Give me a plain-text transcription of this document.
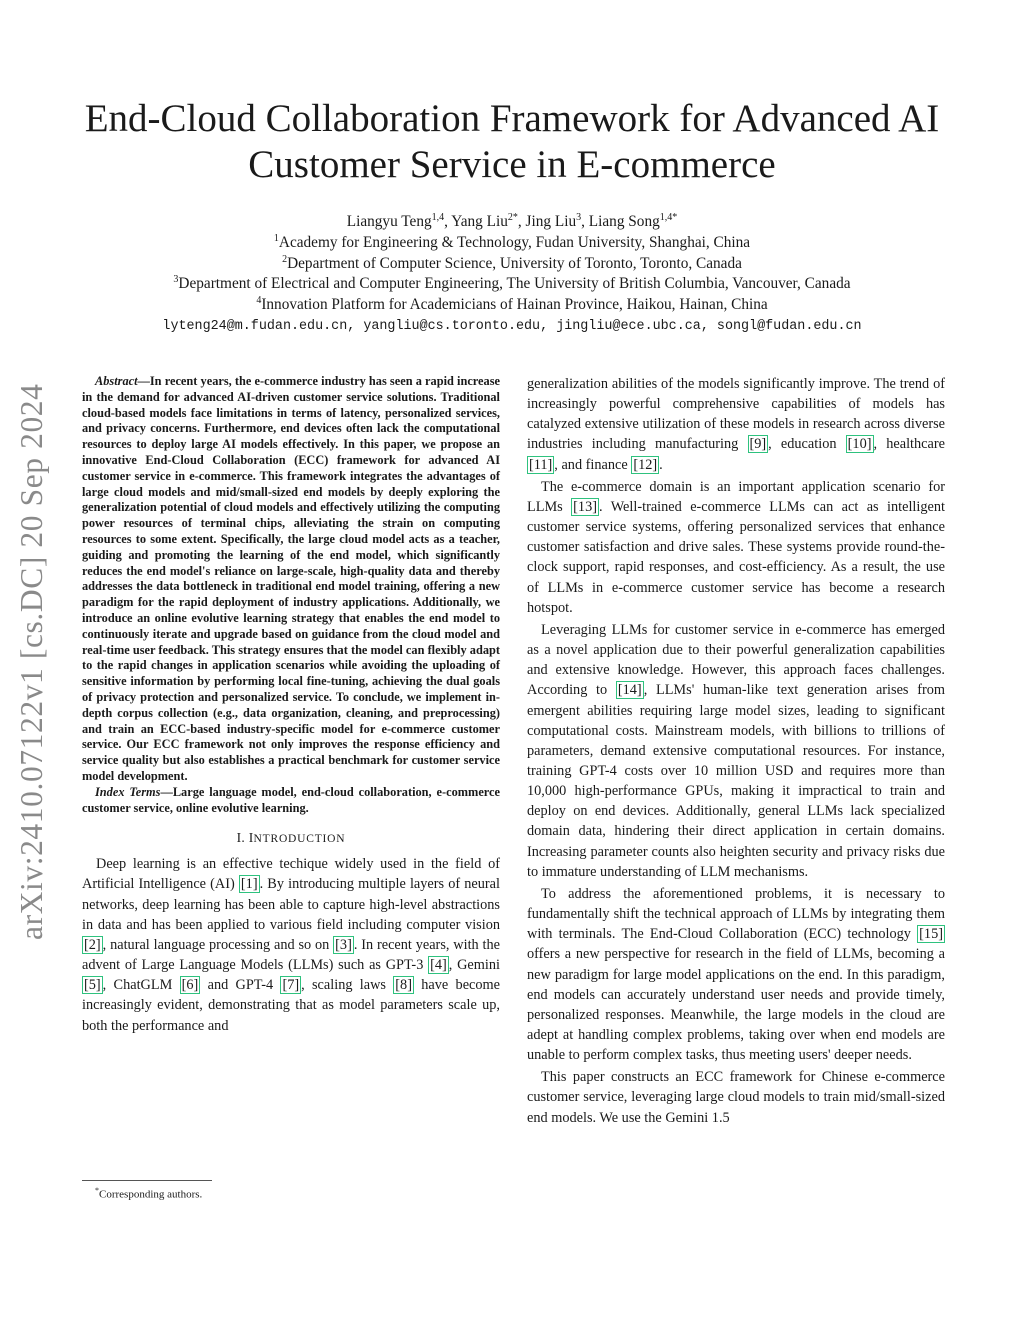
arXiv:2410.07122v1 [cs.DC] 20 Sep 2024
End-Cloud Collaboration Framework for Advanced AI Customer Service in E-commerce
Liangyu Teng$^{1,4}$, Yang Liu$^{2*}$, Jing Liu$^3$, Liang Song$^{1,4*}$
$^1$Academy for Engineering & Technology, Fudan University, Shanghai, China
$^2$Department of Computer Science, University of Toronto, Toronto, Canada
$^3$Department of Electrical and Computer Engineering, The University of British Columbia, Vancouver, Canada
$^4$Innovation Platform for Academicians of Hainan Province, Haikou, Hainan, China
lyteng24@m.fudan.edu.cn, yangliu@cs.toronto.edu, jingliu@ece.ubc.ca, songl@fudan.edu.cn

Abstract—In recent years, the e-commerce industry has seen a rapid increase in the demand for advanced AI-driven customer service solutions. Traditional cloud-based models face limitations in terms of latency, personalized services, and privacy concerns. Furthermore, end devices often lack the computational resources to deploy large AI models effectively. In this paper, we propose an innovative End-Cloud Collaboration (ECC) framework for advanced AI customer service in e-commerce. This framework integrates the advantages of large cloud models and mid/small-sized end models by deeply exploring the generalization potential of cloud models and effectively utilizing the computing power resources of terminal chips, alleviating the strain on computing resources to some extent. Specifically, the large cloud model acts as a teacher, guiding and promoting the learning of the end model, which significantly reduces the end model's reliance on large-scale, high-quality data and thereby addresses the data bottleneck in traditional end model training, offering a new paradigm for the rapid deployment of industry applications. Additionally, we introduce an online evolutive learning strategy that enables the end model to continuously iterate and upgrade based on guidance from the cloud model and real-time user feedback. This strategy ensures that the model can flexibly adapt to the rapid changes in application scenarios while avoiding the uploading of sensitive information by performing local fine-tuning, achieving the dual goals of privacy protection and personalized service. To conclude, we implement in-depth corpus collection (e.g., data organization, cleaning, and preprocessing) and train an ECC-based industry-specific model for e-commerce customer service. Our ECC framework not only improves the response efficiency and service quality but also establishes a practical benchmark for customer service model development.

Index Terms—Large language model, end-cloud collaboration, e-commerce customer service, online evolutive learning.

I. INTRODUCTION

Deep learning is an effective techique widely used in the field of Artificial Intelligence (AI) [1] . By introducing multiple layers of neural networks, deep learning has been able to capture high-level abstractions in data and has been applied to various field including computer vision [2] , natural language processing and so on [3] . In recent years, with the advent of Large Language Models (LLMs) such as GPT-3 [4] , Gemini [5] , ChatGLM [6] and GPT-4 [7] , scaling laws [8] have become increasingly evident, demonstrating that as model parameters scale up, both the performance and

*Corresponding authors.

generalization abilities of the models significantly improve. The trend of increasingly powerful comprehensive capabilities of models has catalyzed extensive utilization of these models in research across diverse industries including manufacturing [9] , education [10] , healthcare [11] , and finance [12] .

The e-commerce domain is an important application scenario for LLMs [13] . Well-trained e-commerce LLMs can act as intelligent customer service systems, offering personalized services that enhance customer satisfaction and drive sales. These systems provide round-the-clock support, rapid responses, and cost-efficiency. As a result, the use of LLMs in e-commerce customer service has become a research hotspot.

Leveraging LLMs for customer service in e-commerce has emerged as a novel application due to their powerful generalization capabilities and extensive knowledge. However, this approach faces challenges. According to [14] , LLMs' human-like text generation arises from emergent abilities requiring large model sizes, leading to significant computational costs. Mainstream models, with billions to trillions of parameters, demand extensive computational resources. For instance, training GPT-4 costs over 10 million USD and requires more than 10,000 high-performance GPUs, making it impractical to train and deploy on end devices. Additionally, general LLMs lack specialized domain data, hindering their direct application in certain domains. Increasing parameter counts also heighten security and privacy risks due to immature understanding of LLM mechanisms.

To address the aforementioned problems, it is necessary to fundamentally shift the technical approach of LLMs by integrating them with terminals. The End-Cloud Collaboration (ECC) technology [15] offers a new perspective for research in the field of LLMs, becoming a new paradigm for large model applications on the end. In this paradigm, end models can accurately understand user needs and provide timely, personalized responses. Meanwhile, the large models in the cloud are adept at handling complex problems, taking over when end models are unable to perform complex tasks, thus meeting users' deeper needs.

This paper constructs an ECC framework for Chinese e-commerce customer service, leveraging large cloud models to train mid/small-sized end models. We use the Gemini 1.5
